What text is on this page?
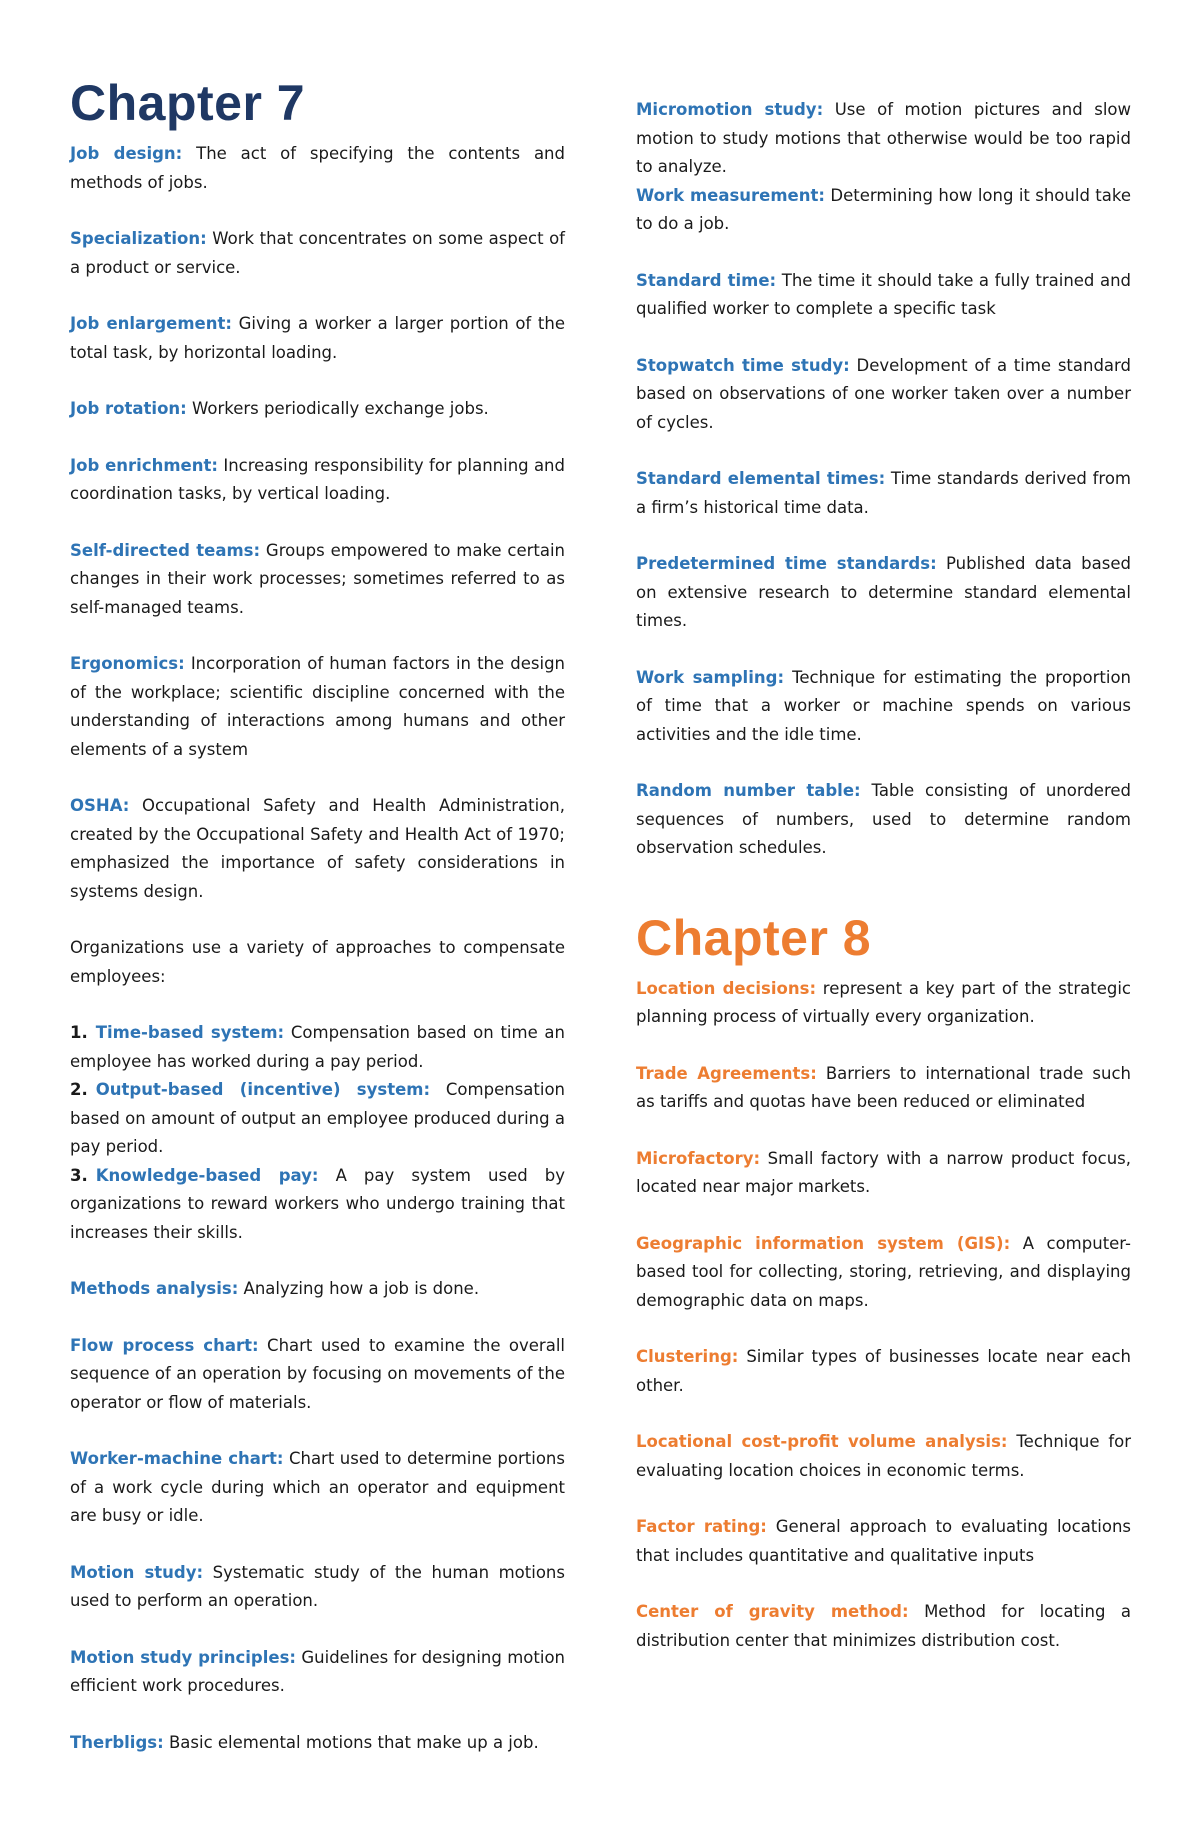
Chapter 7

Job design: The act of specifying the contents and methods of jobs.

Specialization: Work that concentrates on some aspect of a product or service.

Job enlargement: Giving a worker a larger portion of the total task, by horizontal loading.

Job rotation: Workers periodically exchange jobs.

Job enrichment: Increasing responsibility for planning and coordination tasks, by vertical loading.

Self-directed teams: Groups empowered to make certain changes in their work processes; sometimes referred to as self-managed teams.

Ergonomics: Incorporation of human factors in the design of the workplace; scientific discipline concerned with the understanding of interactions among humans and other elements of a system

OSHA: Occupational Safety and Health Administration, created by the Occupational Safety and Health Act of 1970; emphasized the importance of safety considerations in systems design.

Organizations use a variety of approaches to compensate employees:

1. Time-based system: Compensation based on time an employee has worked during a pay period.

2. Output-based (incentive) system: Compensation based on amount of output an employee produced during a pay period.

3. Knowledge-based pay: A pay system used by organizations to reward workers who undergo training that increases their skills.

Methods analysis: Analyzing how a job is done.

Flow process chart: Chart used to examine the overall sequence of an operation by focusing on movements of the operator or flow of materials.

Worker-machine chart: Chart used to determine portions of a work cycle during which an operator and equipment are busy or idle.

Motion study: Systematic study of the human motions used to perform an operation.

Motion study principles: Guidelines for designing motion efficient work procedures.

Therbligs: Basic elemental motions that make up a job.

Micromotion study: Use of motion pictures and slow motion to study motions that otherwise would be too rapid to analyze.

Work measurement: Determining how long it should take to do a job.

Standard time: The time it should take a fully trained and qualified worker to complete a specific task

Stopwatch time study: Development of a time standard based on observations of one worker taken over a number of cycles.

Standard elemental times: Time standards derived from a firm’s historical time data.

Predetermined time standards: Published data based on extensive research to determine standard elemental times.

Work sampling: Technique for estimating the proportion of time that a worker or machine spends on various activities and the idle time.

Random number table: Table consisting of unordered sequences of numbers, used to determine random observation schedules.

Chapter 8

Location decisions: represent a key part of the strategic planning process of virtually every organization.

Trade Agreements: Barriers to international trade such as tariffs and quotas have been reduced or eliminated

Microfactory: Small factory with a narrow product focus, located near major markets.

Geographic information system (GIS): A computer-based tool for collecting, storing, retrieving, and displaying demographic data on maps.

Clustering: Similar types of businesses locate near each other.

Locational cost-profit volume analysis: Technique for evaluating location choices in economic terms.

Factor rating: General approach to evaluating locations that includes quantitative and qualitative inputs

Center of gravity method: Method for locating a distribution center that minimizes distribution cost.
